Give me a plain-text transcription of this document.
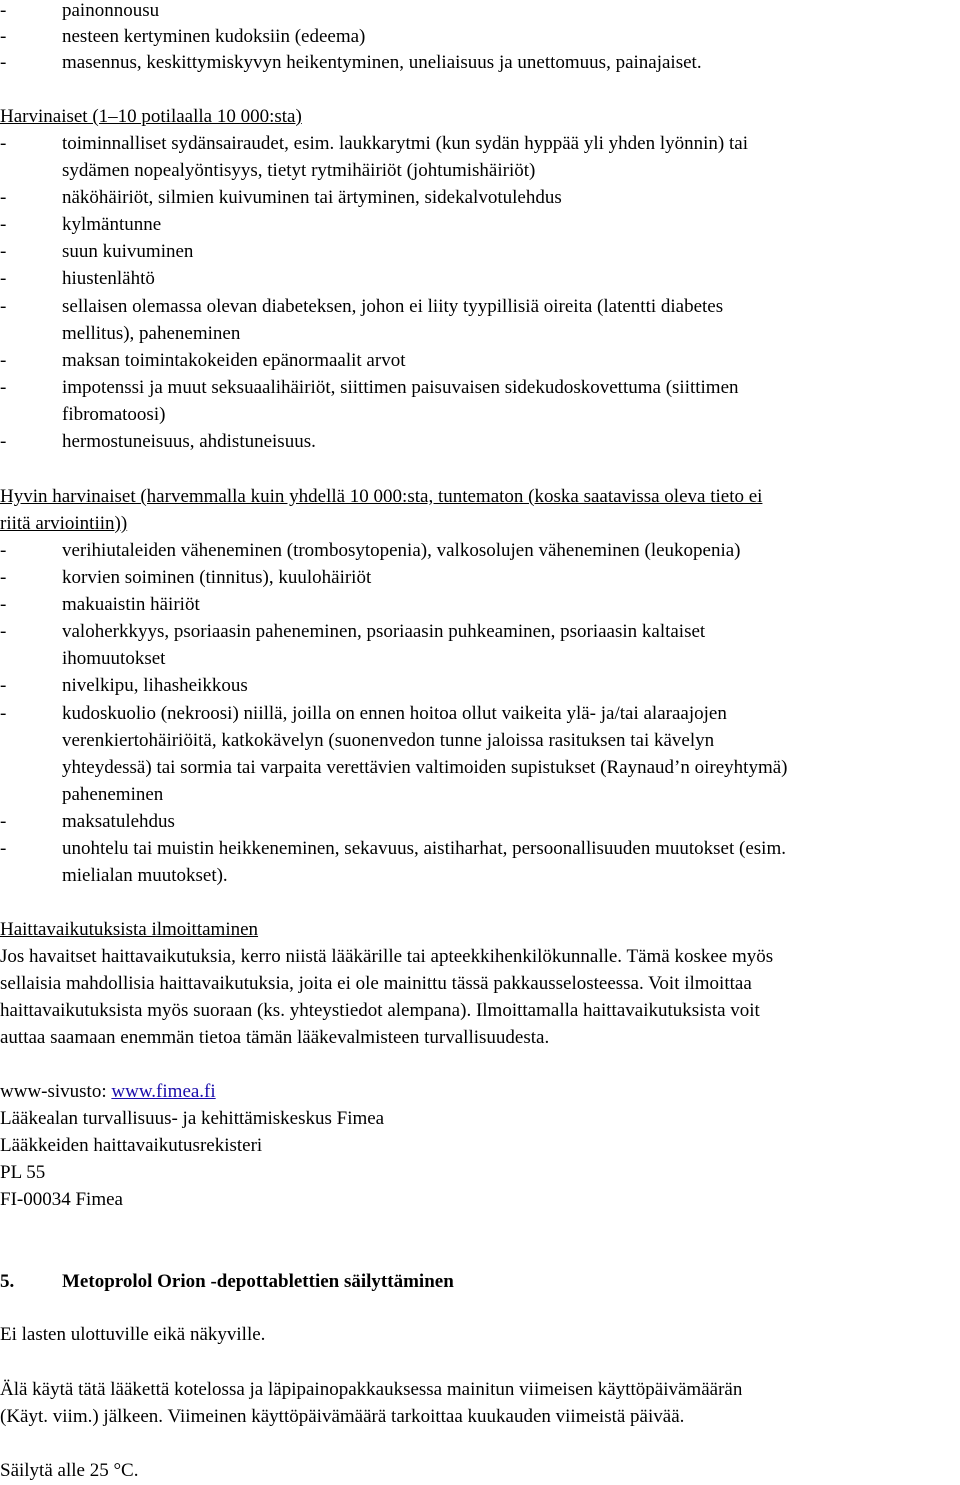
-	painonnousu
-	nesteen kertyminen kudoksiin (edeema)
-	masennus, keskittymiskyvyn heikentyminen, uneliaisuus ja unettomuus, painajaiset.
Harvinaiset (1–10 potilaalla 10 000:sta)
-	toiminnalliset sydänsairaudet, esim. laukkarytmi (kun sydän hyppää yli yhden lyönnin) tai
sydämen nopealyöntisyys, tietyt rytmihäiriöt (johtumishäiriöt)
-	näköhäiriöt, silmien kuivuminen tai ärtyminen, sidekalvotulehdus
-	kylmäntunne
-	suun kuivuminen
-	hiustenlähtö
-	sellaisen olemassa olevan diabeteksen, johon ei liity tyypillisiä oireita (latentti diabetes
mellitus), paheneminen
-	maksan toimintakokeiden epänormaalit arvot
-	impotenssi ja muut seksuaalihäiriöt, siittimen paisuvaisen sidekudoskovettuma (siittimen
fibromatoosi)
-	hermostuneisuus, ahdistuneisuus.
Hyvin harvinaiset (harvemmalla kuin yhdellä 10 000:sta, tuntematon (koska saatavissa oleva tieto ei
riitä arviointiin))
-	verihiutaleiden väheneminen (trombosytopenia), valkosolujen väheneminen (leukopenia)
-	korvien soiminen (tinnitus), kuulohäiriöt
-	makuaistin häiriöt
-	valoherkkyys, psoriaasin paheneminen, psoriaasin puhkeaminen, psoriaasin kaltaiset
ihomuutokset
-	nivelkipu, lihasheikkous
-	kudoskuolio (nekroosi) niillä, joilla on ennen hoitoa ollut vaikeita ylä- ja/tai alaraajojen
verenkiertohäiriöitä, katkokävelyn (suonenvedon tunne jaloissa rasituksen tai kävelyn
yhteydessä) tai sormia tai varpaita verettävien valtimoiden supistukset (Raynaud’n oireyhtymä)
paheneminen
-	maksatulehdus
-	unohtelu tai muistin heikkeneminen, sekavuus, aistiharhat, persoonallisuuden muutokset (esim.
mielialan muutokset).
Haittavaikutuksista ilmoittaminen
Jos havaitset haittavaikutuksia, kerro niistä lääkärille tai apteekkihenkilökunnalle. Tämä koskee myös
sellaisia mahdollisia haittavaikutuksia, joita ei ole mainittu tässä pakkausselosteessa. Voit ilmoittaa
haittavaikutuksista myös suoraan (ks. yhteystiedot alempana). Ilmoittamalla haittavaikutuksista voit
auttaa saamaan enemmän tietoa tämän lääkevalmisteen turvallisuudesta.
www-sivusto: www.fimea.fi
Lääkealan turvallisuus- ja kehittämiskeskus Fimea
Lääkkeiden haittavaikutusrekisteri
PL 55
FI-00034 Fimea
5.	Metoprolol Orion -depottablettien säilyttäminen
Ei lasten ulottuville eikä näkyville.
Älä käytä tätä lääkettä kotelossa ja läpipainopakkauksessa mainitun viimeisen käyttöpäivämäärän
(Käyt. viim.) jälkeen. Viimeinen käyttöpäivämäärä tarkoittaa kuukauden viimeistä päivää.
Säilytä alle 25 °C.
